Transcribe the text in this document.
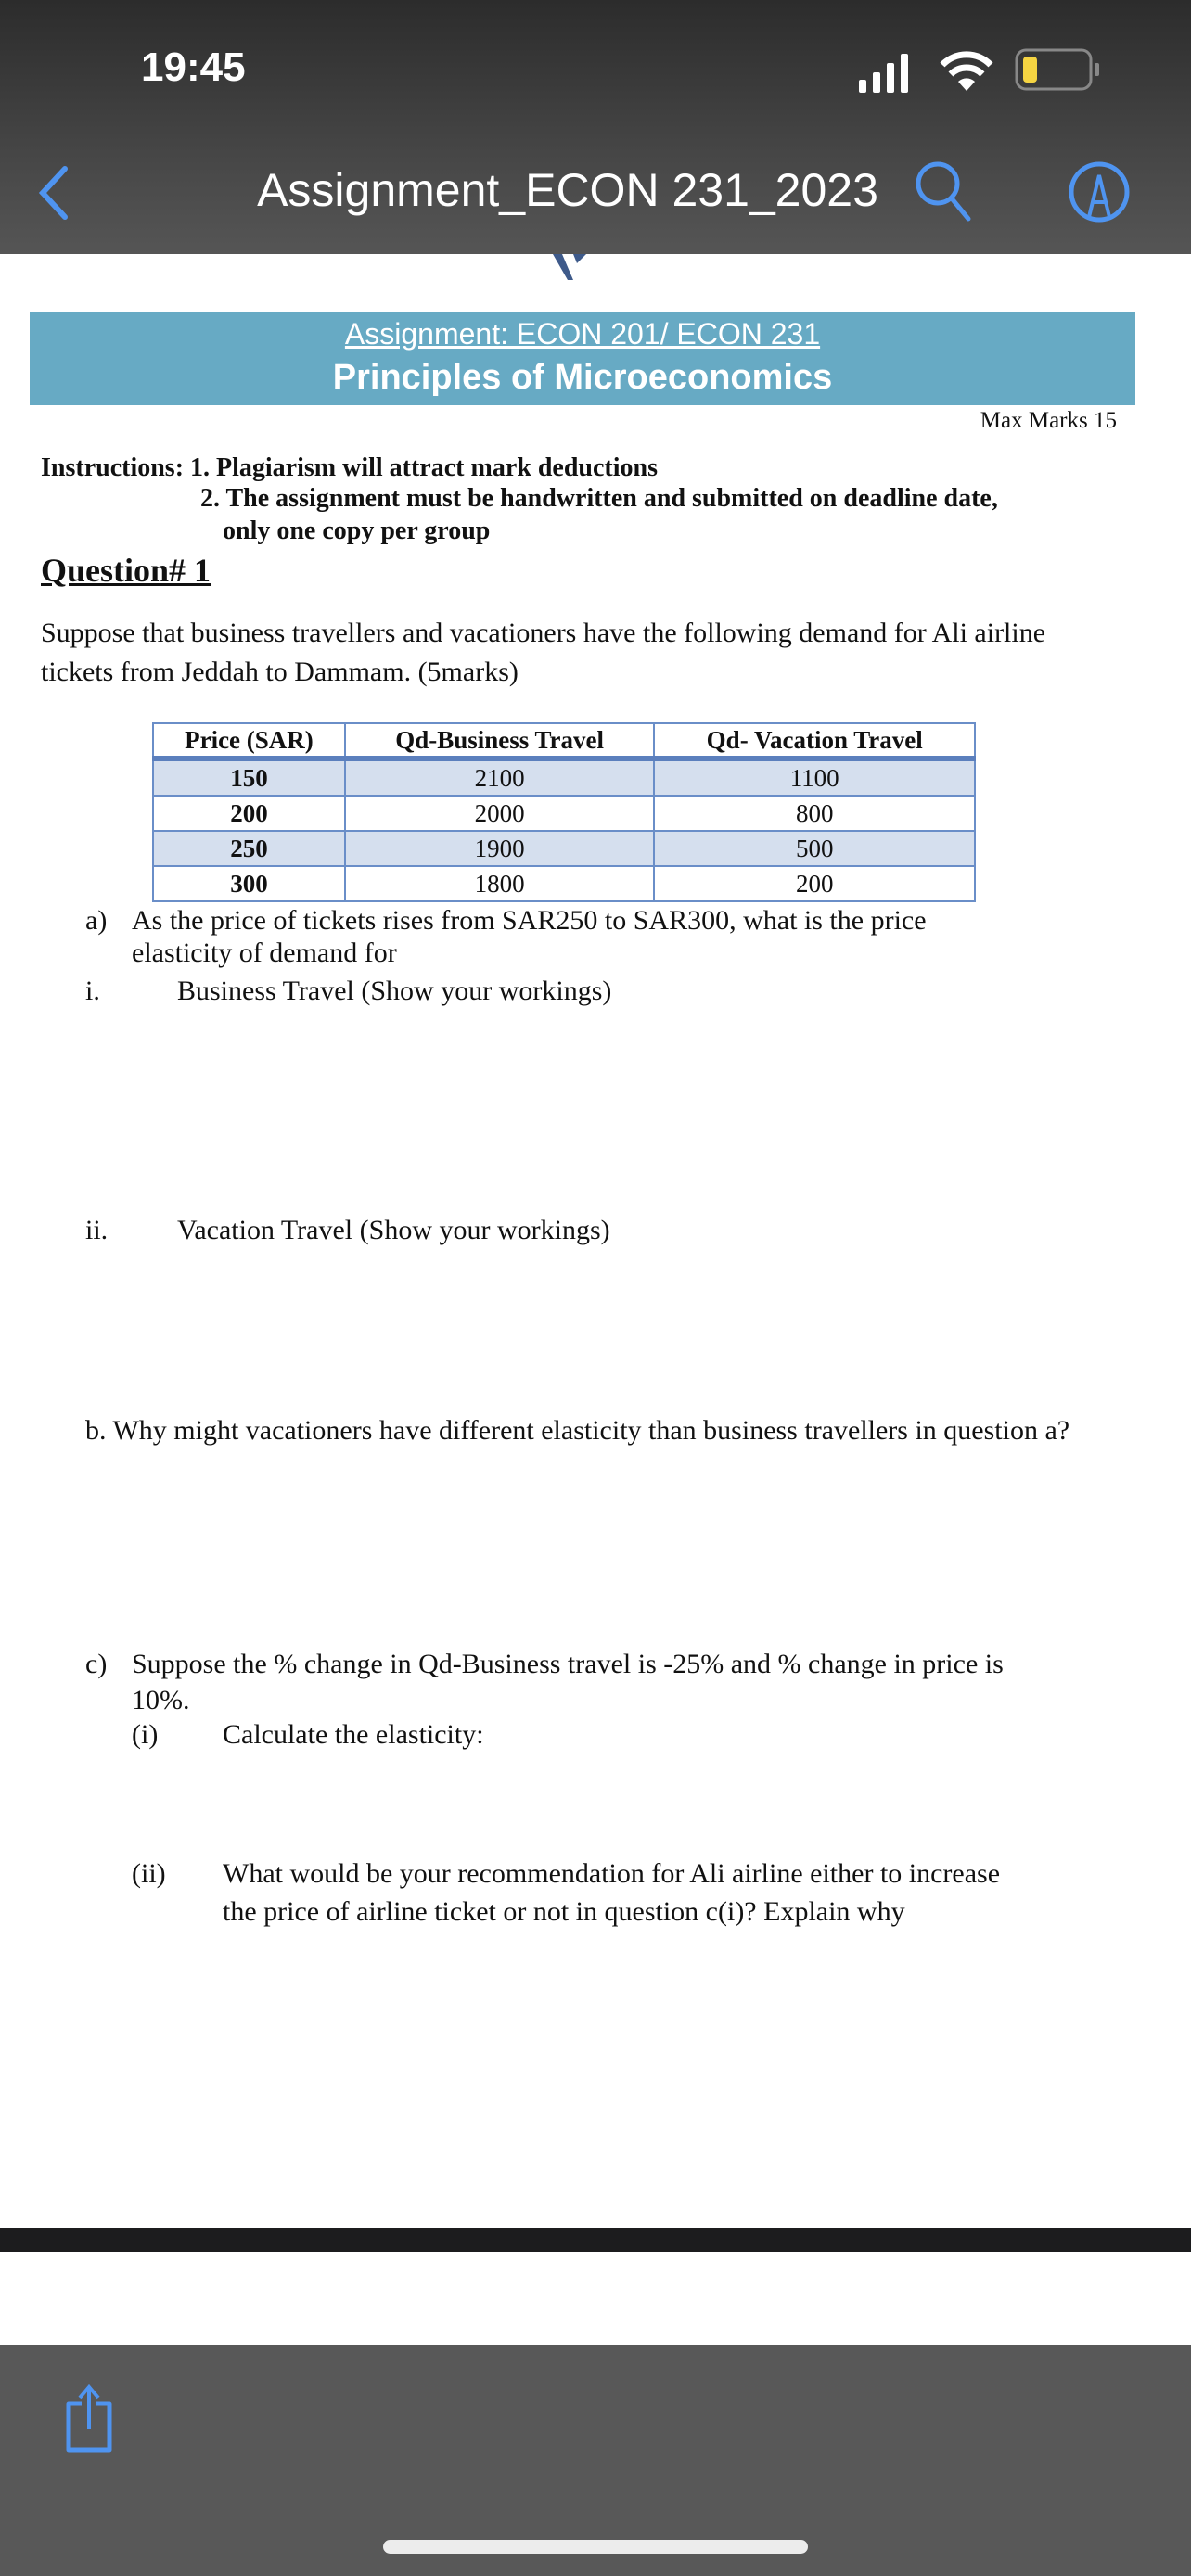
19:45
Assignment_ECON 231_2023
Assignment: ECON 201/ ECON 231
Principles of Microeconomics
Max Marks 15
Instructions: 1. Plagiarism will attract mark deductions
2. The assignment must be handwritten and submitted on deadline date,
only one copy per group
Question# 1
Suppose that business travellers and vacationers have the following demand for Ali airline
tickets from Jeddah to Dammam. (5marks)
Price (SAR)	Qd-Business Travel	Qd- Vacation Travel
150	2100	1100
200	2000	800
250	1900	500
300	1800	200
a) As the price of tickets rises from SAR250 to SAR300, what is the price
elasticity of demand for
i.	Business Travel (Show your workings)
ii. Vacation Travel (Show your workings)
b. Why might vacationers have different elasticity than business travellers in question a?
c) Suppose the % change in Qd-Business travel is -25% and % change in price is
10%.
(i) Calculate the elasticity:
(ii) What would be your recommendation for Ali airline either to increase
the price of airline ticket or not in question c(i)? Explain why
